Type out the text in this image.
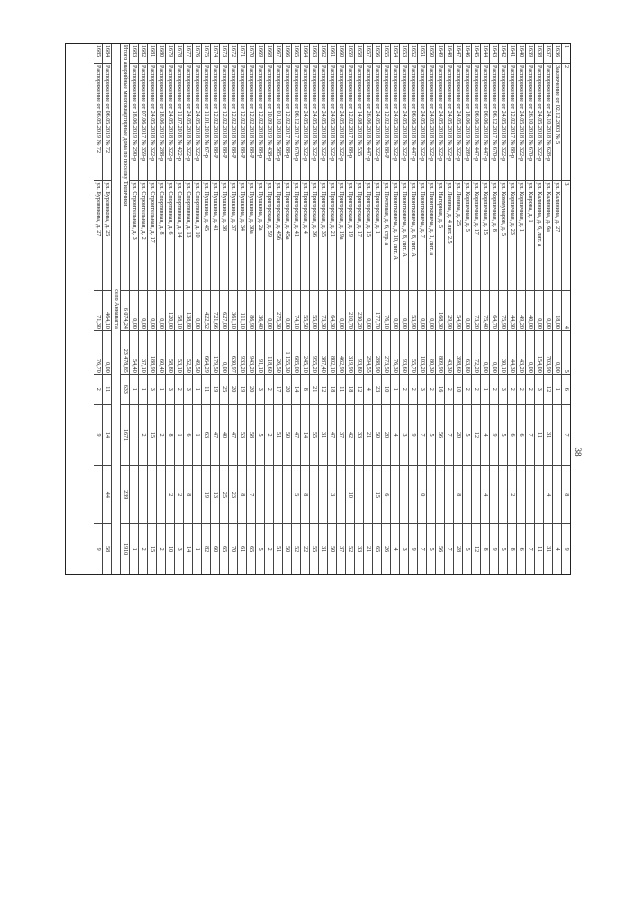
38
1
2
3
4
5
6
7
8
9
1636
Заключение от 02.12.2003 № 5
ул. Калинина, д. 27
18,00
0,00
1
4
1637
Распоряжение от 24.10.2018 № 628-р
ул. Калинина, д. 6а
0,00
703,90
12
31
4
31
1638
Распоряжение от 24.05.2018 № 322-р
ул. Калинина, д. 6, лит. а
0,00
154,00
3
11
11
1639
Распоряжение от 26.10.2018 № 670-р
ул. Кирова, д. 1
40,00
0,00
2
7
7
1640
Распоряжение от 24.05.2018 № 322-р
ул. Корпичная, д. 1
49,20
43,20
2
6
6
1641
Распоряжение от 12.02.2017 № 88-р
ул. Корпичная, д. 23
44,30
44,30
2
6
2
8
1642
Распоряжение от 24.05.2018 № 322-р
ул. Коммунаров, д. 5
75,90
30,10
3
5
5
1643
Распоряжение от 06.12.2017 № 670-р
ул. Корпичная, д. 8
64,70
0,00
2
9
9
1644
Распоряжение от 06.06.2018 № 447-р
ул. Корпичная, д. 15
75,40
0,00
1
4
4
8
1645
Распоряжение от 06.06.2018 № 447-р
ул. Корпичная, д. 17
73,20
72,20
2
12
12
1646
Распоряжение от 18.06.2019 № 289-р
ул. Корпичная, д. 5
0,00
63,80
2
5
5
1647
Распоряжение от 24.05.2018 № 322-р
ул. Ленина, д. 25
54,90
398,60
10
20
8
28
1648
Распоряжение от 24.05.2018 № 322-р
ул. Ленина, д. 4 лит. 2.5
29,90
43,30
2
7
7
1649
Распоряжение от 24.05.2018 № 322-р
ул. Нагорная, д. 5
168,30
809,90
16
56
56
1650
Распоряжение от 24.05.2018 № 322-р
ул. Пионтковича, д. 1, лит. а
0,00
80,30
2
5
5
1651
Распоряжение от 24.05.2018 № 322-р
ул. Пионтковича, д. 7
0,00
103,20
3
7
0
7
1652
Распоряжение от 06.06.2018 № 447-р
ул. Пионтковича, д. 8, лит. А
53,90
55,70
2
9
9
1653
Распоряжение от 24.05.2018 № 322-р
ул. Пионтковича, д. 8, лит. А
0,00
93,60
2
3
3
1654
Распоряжение от 24.05.2018 № 322-р
ул. Пионтковича, д. 10, лит. А
0,00
76,30
1
4
4
1655
Распоряжение от 12.02.2018 № 88-Р
ул. Почтовая, д. 6, стр. а
76,10
273,50
10
20
6
26
1656
Распоряжение от 24.05.2018 № 322-р
ул. Пригорская, д. 1
177,70
288,90
23
50
15
65
1657
Распоряжение от 26.06.2018 № 447-р
ул. Пригорская, д. 15
0,00
294,55
4
21
21
1658
Распоряжение от 14.08.2018 № 535
ул. Пригорская, д. 17
230,20
93,80
12
33
33
1659
Распоряжение от 12.02.2017 № 88-р
ул. Пригорская, д. 19
210,70
319,90
18
42
10
52
1660
Распоряжение от 24.05.2018 № 322-р
ул. Пригорская, д. 19а
0,00
462,90
11
37
37
1661
Распоряжение от 24.05.2018 № 322-р
ул. Пригорская, д. 21
64,30
802,10
18
47
3
50
1662
Распоряжение от 24.05.2018 № 322-р
ул. Пригорская, д. 35
73,30
387,40
12
31
31
1663
Распоряжение от 24.05.2018 № 322-р
ул. Пригорская, д. 36
55,00
955,20
21
55
55
1664
Распоряжение от 24.05.2018 № 322-р
ул. Пригорская, д. 4
55,50
245,10
8
14
8
22
1665
Распоряжение от 06.12.2017 № 670-р
ул. Пригорская, д. 41
74,10
685,00
14
47
5
52
1666
Распоряжение от 12.02.2017 № 88-р
ул. Пригорская, д. 45а
0,00
1 155,30
20
50
50
1667
Распоряжение от 01.10.2018 № 585-р
ул. Пригорская, д. 45б
275,30
26,50
17
51
51
1668
Распоряжение от 10.09.2019 № 438-р
ул. Пригорская, д. 59
0,00
118,60
2
2
2
1669
Распоряжение от 12.02.2018 № 88-р
ул. Пушкина, д. 2а
36,40
91,10
3
5
5
1670
Распоряжение от 12.02.2018 № 88-Р
ул. Пушкина, д. 30а
86,90
943,20
20
58
7
65
1671
Распоряжение от 12.02.2018 № 88-Р
ул. Пушкина, д. 34
111,10
933,20
19
53
8
61
1672
Распоряжение от 12.02.2018 № 88-Р
ул. Пушкина, д. 37
361,10
630,97
20
47
23
70
1673
Распоряжение от 12.02.2018 № 88-Р
ул. Пушкина, д. 38
627,00
0,00
25
40
25
65
1674
Распоряжение от 12.02.2018 № 88-Р
ул. Пушкина, д. 41
721,66
179,50
19
47
13
60
1675
Распоряжение от 11.01.2018 № 67-р
ул. Пушкина, д. 45
422,52
664,29
11
63
19
82
1676
Распоряжение от 24.05.2018 № 322-р
ул. Спортивная, д. 10
0,00
49,50
1
1
1
1677
Распоряжение от 24.05.2018 № 322-р
ул. Спортивная, д. 13
138,80
52,50
3
6
8
14
1678
Распоряжение от 11.07.2018 № 422-р
ул. Спортивная, д. 14
58,10
53,10
2
1
2
3
1679
Распоряжение от 24.05.2018 № 322-р
ул. Спортивная, д. 6
120,00
58,80
3
8
2
10
1680
Распоряжение от 18.06.2019 № 288-р
ул. Спортивная, д. 8
0,00
60,40
1
2
2
1681
Распоряжение от 24.05.2018 № 322-р
ул. Строительная, д. 17
0,00
188,90
3
15
15
1682
Распоряжение от 07.06.2017 № 359-р
ул. Строительная, д. 2
0,00
37,10
1
2
2
1683
Распоряжение от 18.06.2019 № 290-р
ул. Строительная, д. 3
0,00
54,40
1
1
Итого аварийные многоквартирные дома по поселку Тиличики
6 074,24
23 478,85
633
1671
239
1910
село Аннавагта
1684
Распоряжение от 06.05.2019 № 72
ул. Бурлянкова, д. 25
464,10
0,00
11
14
44
58
1685
Распоряжение от 06.05.2019 № 72
ул. Бурлянкова, д. 27
71,30
76,70
2
9
9
